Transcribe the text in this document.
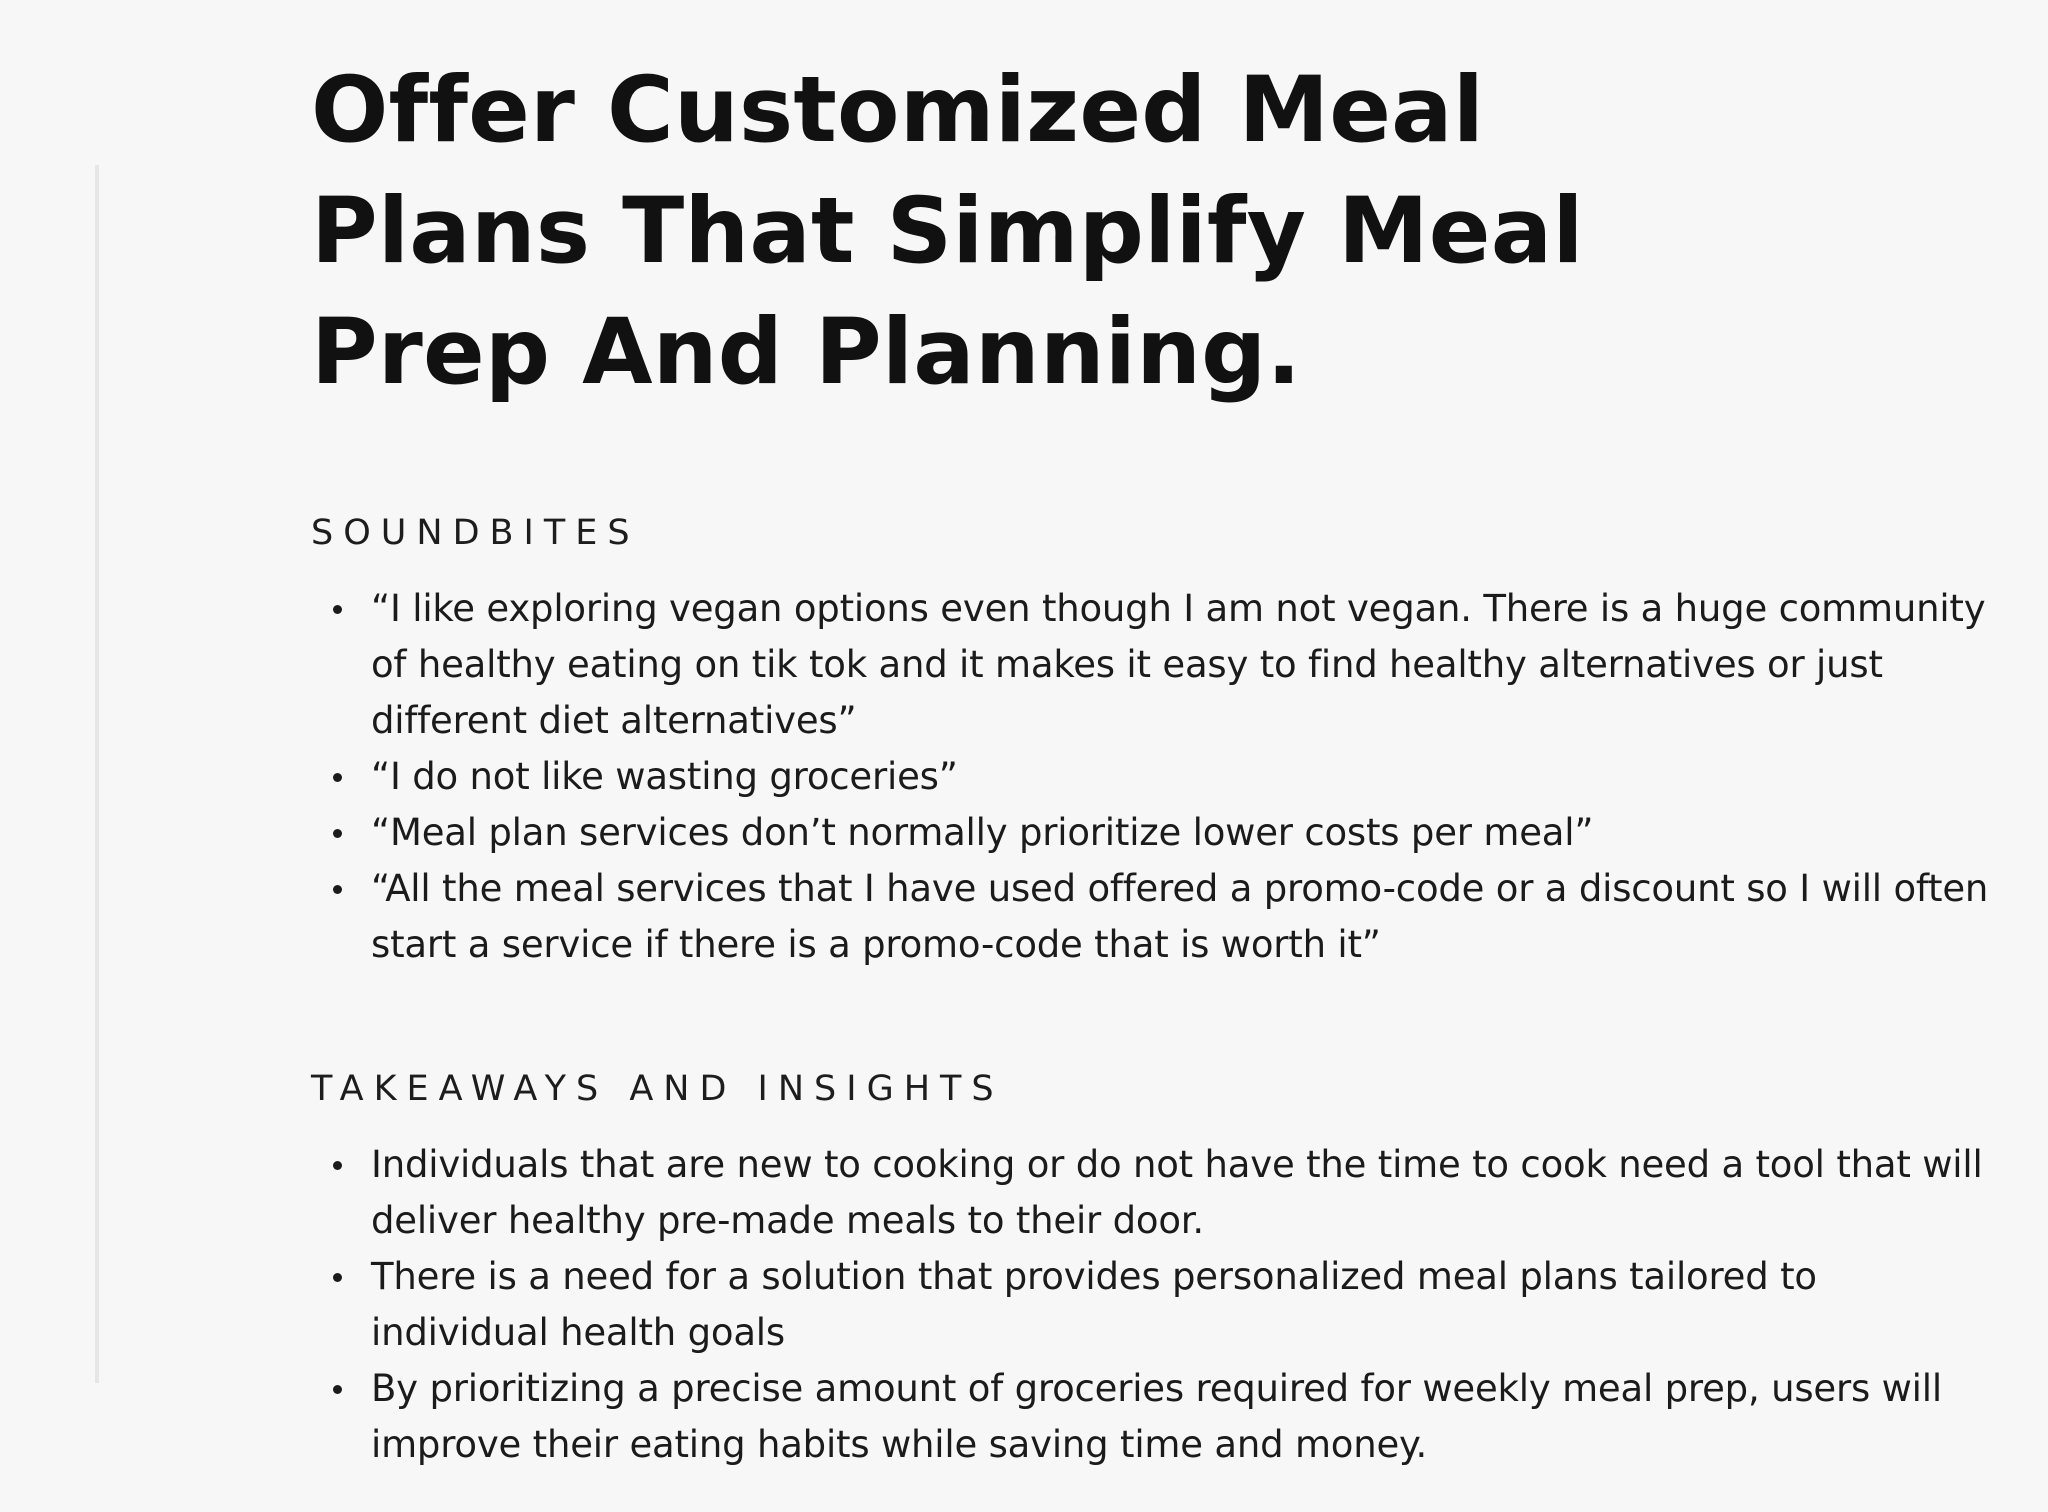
Offer Customized Meal Plans That Simplify Meal Prep And Planning.
SOUNDBITES
“I like exploring vegan options even though I am not vegan. There is a huge community of healthy eating on tik tok and it makes it easy to find healthy alternatives or just different diet alternatives”
“I do not like wasting groceries”
“Meal plan services don’t normally prioritize lower costs per meal”
“All the meal services that I have used offered a promo-code or a discount so I will often start a service if there is a promo-code that is worth it”
TAKEAWAYS AND INSIGHTS
Individuals that are new to cooking or do not have the time to cook need a tool that will deliver healthy pre-made meals to their door.
There is a need for a solution that provides personalized meal plans tailored to individual health goals
By prioritizing a precise amount of groceries required for weekly meal prep, users will improve their eating habits while saving time and money.
